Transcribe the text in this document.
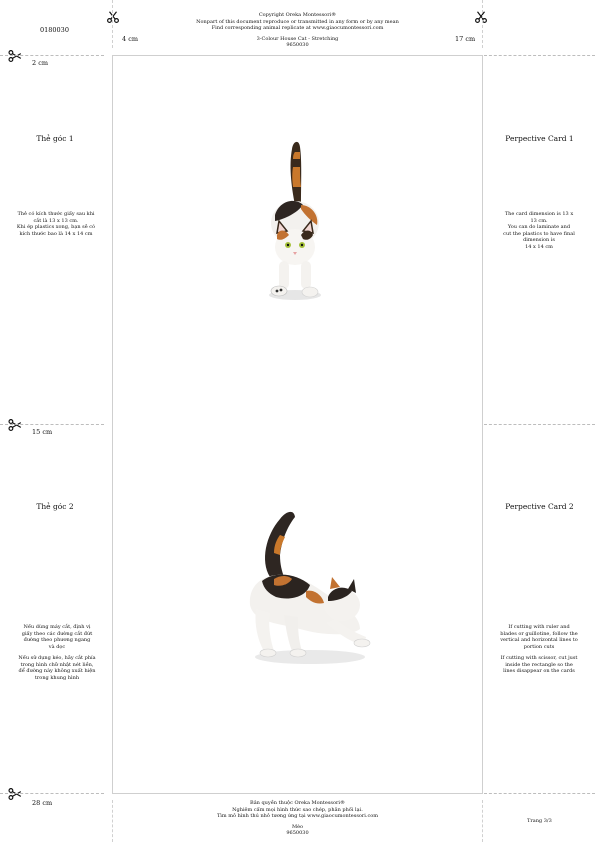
0180030
Copyright Oreka Montessori®
Nonpart of this document reproduce or transmitted in any form or by any mean
Find corresponding animal replicate at www.giaocumontessori.com
3-Colour House Cat - Stretching
9650030
4 cm	17 cm
2 cm
15 cm
28 cm
Thẻ góc 1
Thẻ có kích thước giấy sau khi
cắt là 13 x 13 cm.
Khi ép plastics xong, bạn sẽ có
kích thước bao là 14 x 14 cm
Perpective Card 1
The card dimension is 13 x
13 cm.
You can do laminate and
cut the plastics to have final
dimension is
14 x 14 cm
Thẻ góc 2
Nếu dùng máy cắt, định vị
giấy theo các đường cắt đứt
đường theo phương ngang
và dọc
Nếu sử dụng kéo, hãy cắt phía
trong hình chữ nhật nét liền,
để đường này không xuất hiện
trong khung hình
Perpective Card 2
If cutting with ruler and
blades or guillotine, follow the
vertical and horizontal lines to
portion cuts
If cutting with scissor, cut just
inside the rectangle so the
lines disappear on the cards
Bản quyền thuộc Oreka Montessori®
Nghiêm cấm mọi hình thức sao chép, phân phối lại.
Tìm mô hình thú nhỏ tương ứng tại www.giaocumontessori.com
Mèo
9650030
Trang 3/3
